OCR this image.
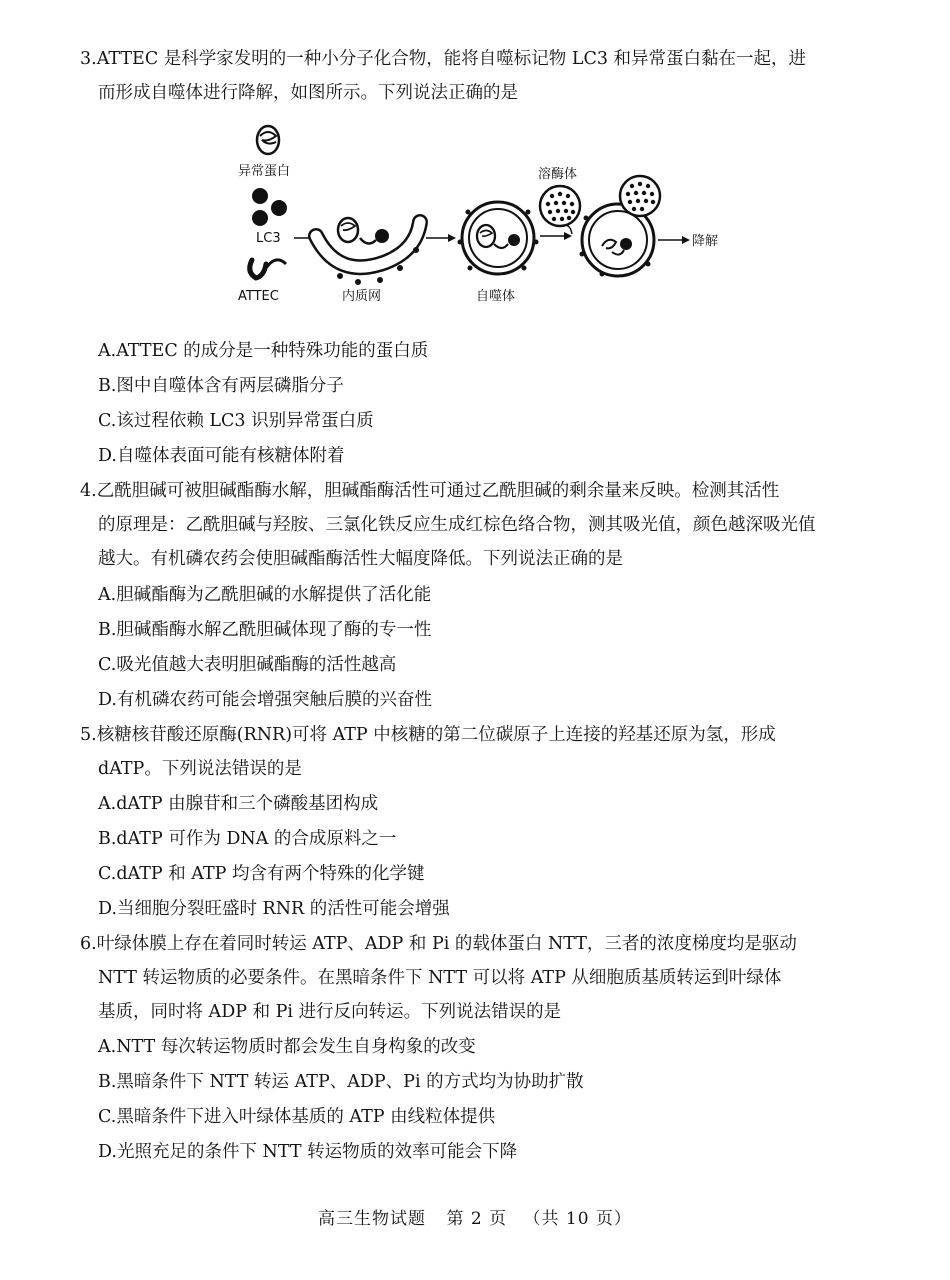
3.ATTEC 是科学家发明的一种小分子化合物，能将自噬标记物 LC3 和异常蛋白黏在一起，进
而形成自噬体进行降解，如图所示。下列说法正确的是
异常蛋白
LC3
ATTEC	内质网	自噬体
溶酶体
降解
A.ATTEC 的成分是一种特殊功能的蛋白质
B.图中自噬体含有两层磷脂分子
C.该过程依赖 LC3 识别异常蛋白质
D.自噬体表面可能有核糖体附着
4.乙酰胆碱可被胆碱酯酶水解，胆碱酯酶活性可通过乙酰胆碱的剩余量来反映。检测其活性
的原理是：乙酰胆碱与羟胺、三氯化铁反应生成红棕色络合物，测其吸光值，颜色越深吸光值
越大。有机磷农药会使胆碱酯酶活性大幅度降低。下列说法正确的是
A.胆碱酯酶为乙酰胆碱的水解提供了活化能
B.胆碱酯酶水解乙酰胆碱体现了酶的专一性
C.吸光值越大表明胆碱酯酶的活性越高
D.有机磷农药可能会增强突触后膜的兴奋性
5.核糖核苷酸还原酶(RNR)可将 ATP 中核糖的第二位碳原子上连接的羟基还原为氢，形成
dATP。下列说法错误的是
A.dATP 由腺苷和三个磷酸基团构成
B.dATP 可作为 DNA 的合成原料之一
C.dATP 和 ATP 均含有两个特殊的化学键
D.当细胞分裂旺盛时 RNR 的活性可能会增强
6.叶绿体膜上存在着同时转运 ATP、ADP 和 Pi 的载体蛋白 NTT，三者的浓度梯度均是驱动
NTT 转运物质的必要条件。在黑暗条件下 NTT 可以将 ATP 从细胞质基质转运到叶绿体
基质，同时将 ADP 和 Pi 进行反向转运。下列说法错误的是
A.NTT 每次转运物质时都会发生自身构象的改变
B.黑暗条件下 NTT 转运 ATP、ADP、Pi 的方式均为协助扩散
C.黑暗条件下进入叶绿体基质的 ATP 由线粒体提供
D.光照充足的条件下 NTT 转运物质的效率可能会下降
高三生物试题 第 2 页 （共 10 页）
